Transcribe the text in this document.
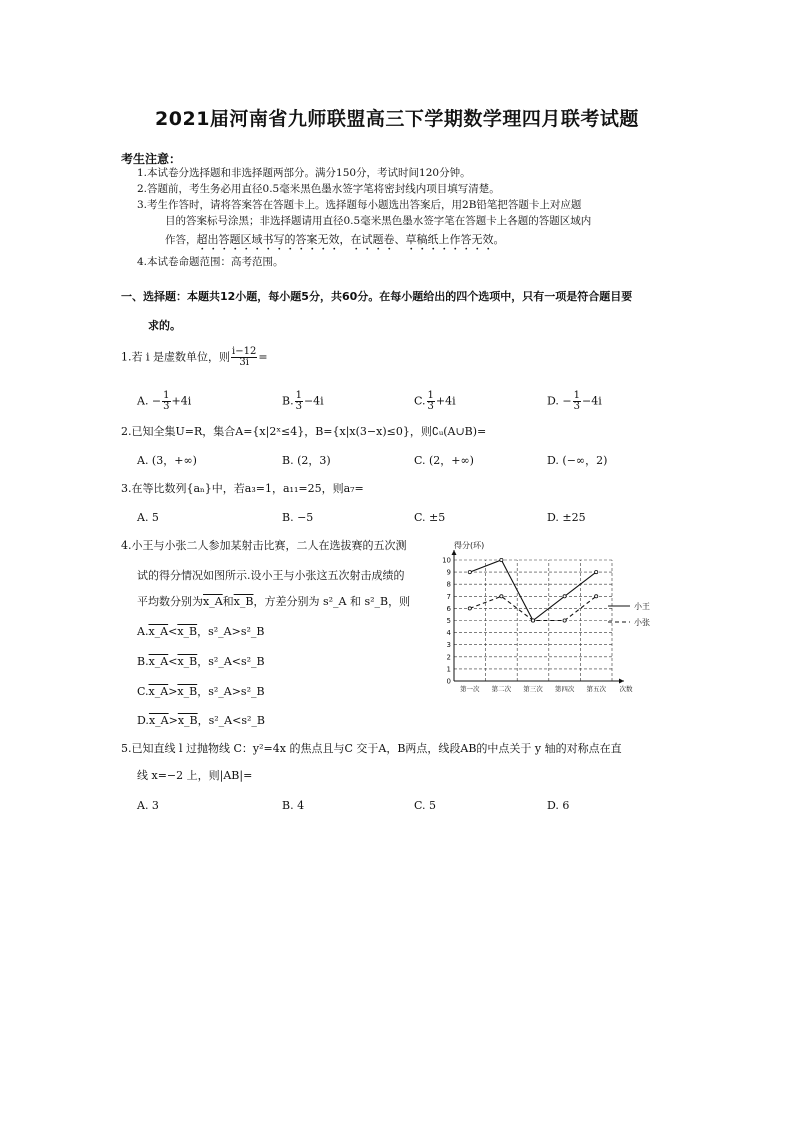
2021届河南省九师联盟高三下学期数学理四月联考试题
考生注意：
1.本试卷分选择题和非选择题两部分。满分150分，考试时间120分钟。
2.答题前，考生务必用直径0.5毫米黑色墨水签字笔将密封线内项目填写清楚。
3.考生作答时，请将答案答在答题卡上。选择题每小题选出答案后，用2B铅笔把答题卡上对应题
目的答案标号涂黑；非选择题请用直径0.5毫米黑色墨水签字笔在答题卡上各题的答题区域内
作答，超出答题区域书写的答案无效，在试题卷、草稿纸上作答无效。
4.本试卷命题范围：高考范围。
一、选择题：本题共12小题，每小题5分，共60分。在每小题给出的四个选项中，只有一项是符合题目要
求的。
1.若 i 是虚数单位，则 $\frac{i-12}{3i}$ =
A. − $\frac{1}{3} +4i$	B. $\frac{1}{3} -4i$	C. $\frac{1}{3} +4i$	D. − $\frac{1}{3} -4i$
2.已知全集U=R，集合A={x|2ˣ≤4}，B={x|x(3−x)≤0}，则∁ᵤ(A∪B)=
A. (3，+∞)	B. (2，3)	C. (2，+∞)	D. (−∞，2)
3.在等比数列{aₙ}中，若a₃=1，a₁₁=25，则a₇=
A. 5	B. −5	C. ±5	D. ±25
4.小王与小张二人参加某射击比赛，二人在选拔赛的五次测
试的得分情况如图所示.设小王与小张这五次射击成绩的
平均数分别为x_A和x_B，方差分别为 s²_A 和 s²_B，则
A.x_A<x_B，s²_A>s²_B
B.x_A<x_B，s²_A<s²_B
C.x_A>x_B，s²_A>s²_B
D.x_A>x_B，s²_A<s²_B
0
1
2
3
4
5
6
7
8
9
10
第一次 第二次 第三次 第四次 第五次 次数
得分(环)
小王
小张
5.已知直线 l 过抛物线 C：y²=4x 的焦点且与C 交于A，B两点，线段AB的中点关于 y 轴的对称点在直
线 x=−2 上，则|AB|=
A. 3	B. 4	C. 5	D. 6
